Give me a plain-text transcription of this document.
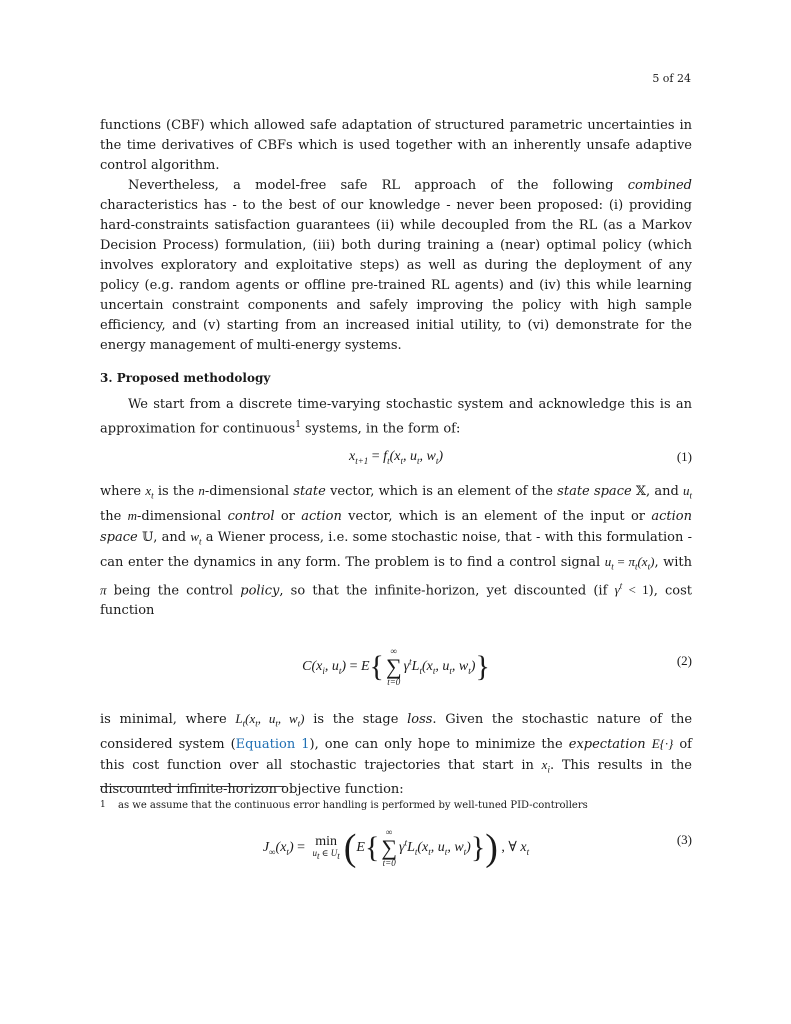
5 of 24

functions (CBF) which allowed safe adaptation of structured parametric uncertainties in the time derivatives of CBFs which is used together with an inherently unsafe adaptive control algorithm.

Nevertheless, a model-free safe RL approach of the following combined characteristics has - to the best of our knowledge - never been proposed: (i) providing hard-constraints satisfaction guarantees (ii) while decoupled from the RL (as a Markov Decision Process) formulation, (iii) both during training a (near) optimal policy (which involves exploratory and exploitative steps) as well as during the deployment of any policy (e.g. random agents or offline pre-trained RL agents) and (iv) this while learning uncertain constraint components and safely improving the policy with high sample efficiency, and (v) starting from an increased initial utility, to (vi) demonstrate for the energy management of multi-energy systems.

3. Proposed methodology

We start from a discrete time-varying stochastic system and acknowledge this is an approximation for continuous$^1$ systems, in the form of:

$x_{t+1} = f_t(x_t$, $u_t$, $w_t$)	(1)

where $x_t$ is the n-dimensional state vector, which is an element of the state space 𝕏, and $u_t$ the m-dimensional control or action vector, which is an element of the input or action space 𝕌, and $w_t$ a Wiener process, i.e. some stochastic noise, that - with this formulation - can enter the dynamics in any form. The problem is to find a control signal $u_t = \pi_t(x_t)$, with π being the control policy, so that the infinite-horizon, yet discounted (if $\gamma^t < 1$), cost function

$C(x_i$, $u_t) = E${ ∞
∑
t=0
$\gamma^tL_t(x_t$, $u_t$, $w_t$)}	(2)

is minimal, where $L_t(x_t$, $u_t$, $w_t$) is the stage loss. Given the stochastic nature of the considered system (Equation 1), one can only hope to minimize the expectation E{·} of this cost function over all stochastic trajectories that start in $x_i$. This results in the discounted infinite-horizon objective function:

$J_\infty(x_t) = \min$
$u_t$ ∈ $U_t$ (E{ ∞
∑
t=0
$\gamma^tL_t(x_t$, $u_t$, $w_t$)}) , ∀ $x_t$
(3)
1 as we assume that the continuous error handling is performed by well-tuned PID-controllers
